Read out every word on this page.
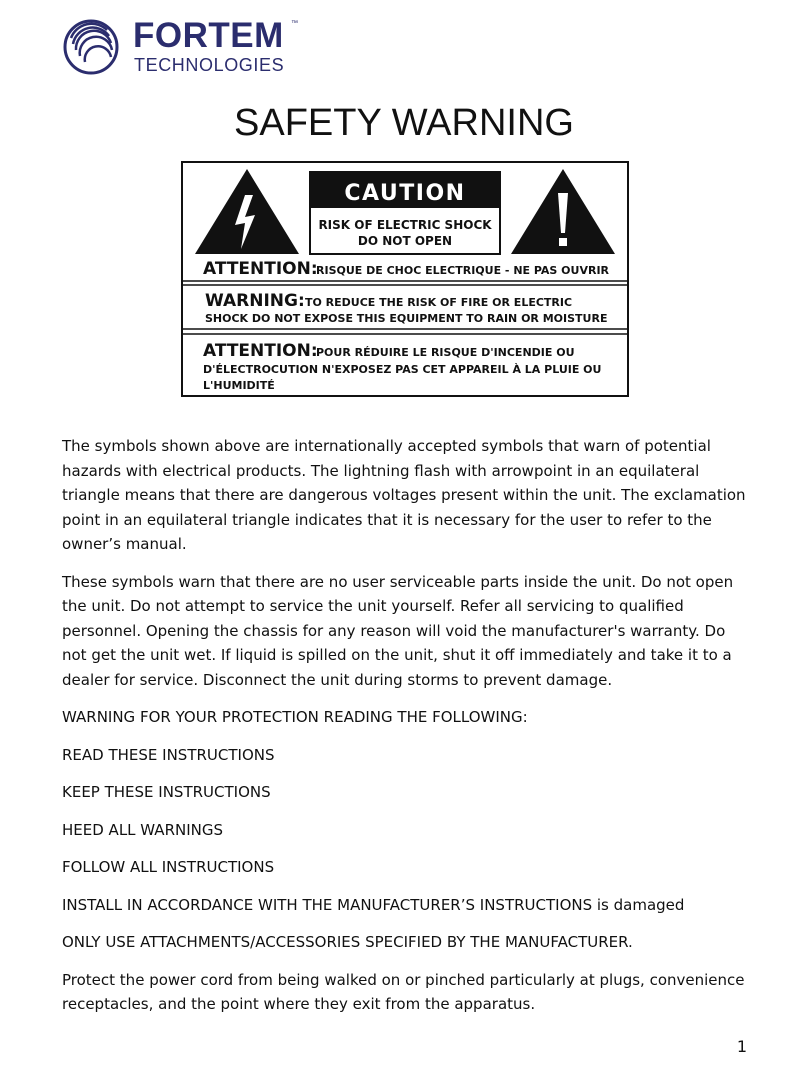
FORTEM ™
TECHNOLOGIES
SAFETY WARNING
CAUTION
RISK OF ELECTRIC SHOCK
DO NOT OPEN
ATTENTION:
RISQUE DE CHOC ELECTRIQUE - NE PAS OUVRIR
WARNING: TO REDUCE THE RISK OF FIRE OR ELECTRIC
SHOCK DO NOT EXPOSE THIS EQUIPMENT TO RAIN OR MOISTURE
ATTENTION:
POUR RÉDUIRE LE RISQUE D'INCENDIE OU
D'ÉLECTROCUTION N'EXPOSEZ PAS CET APPAREIL À LA PLUIE OU
L'HUMIDITÉ

The symbols shown above are internationally accepted symbols that warn of potential hazards with electrical products. The lightning flash with arrowpoint in an equilateral triangle means that there are dangerous voltages present within the unit. The exclamation point in an equilateral triangle indicates that it is necessary for the user to refer to the owner’s manual.

These symbols warn that there are no user serviceable parts inside the unit. Do not open the unit. Do not attempt to service the unit yourself. Refer all servicing to qualified personnel. Opening the chassis for any reason will void the manufacturer's warranty. Do not get the unit wet. If liquid is spilled on the unit, shut it off immediately and take it to a dealer for service. Disconnect the unit during storms to prevent damage.

WARNING FOR YOUR PROTECTION READING THE FOLLOWING:

READ THESE INSTRUCTIONS

KEEP THESE INSTRUCTIONS

HEED ALL WARNINGS

FOLLOW ALL INSTRUCTIONS

INSTALL IN ACCORDANCE WITH THE MANUFACTURER’S INSTRUCTIONS is damaged

ONLY USE ATTACHMENTS/ACCESSORIES SPECIFIED BY THE MANUFACTURER.

Protect the power cord from being walked on or pinched particularly at plugs, convenience receptacles, and the point where they exit from the apparatus.

1
